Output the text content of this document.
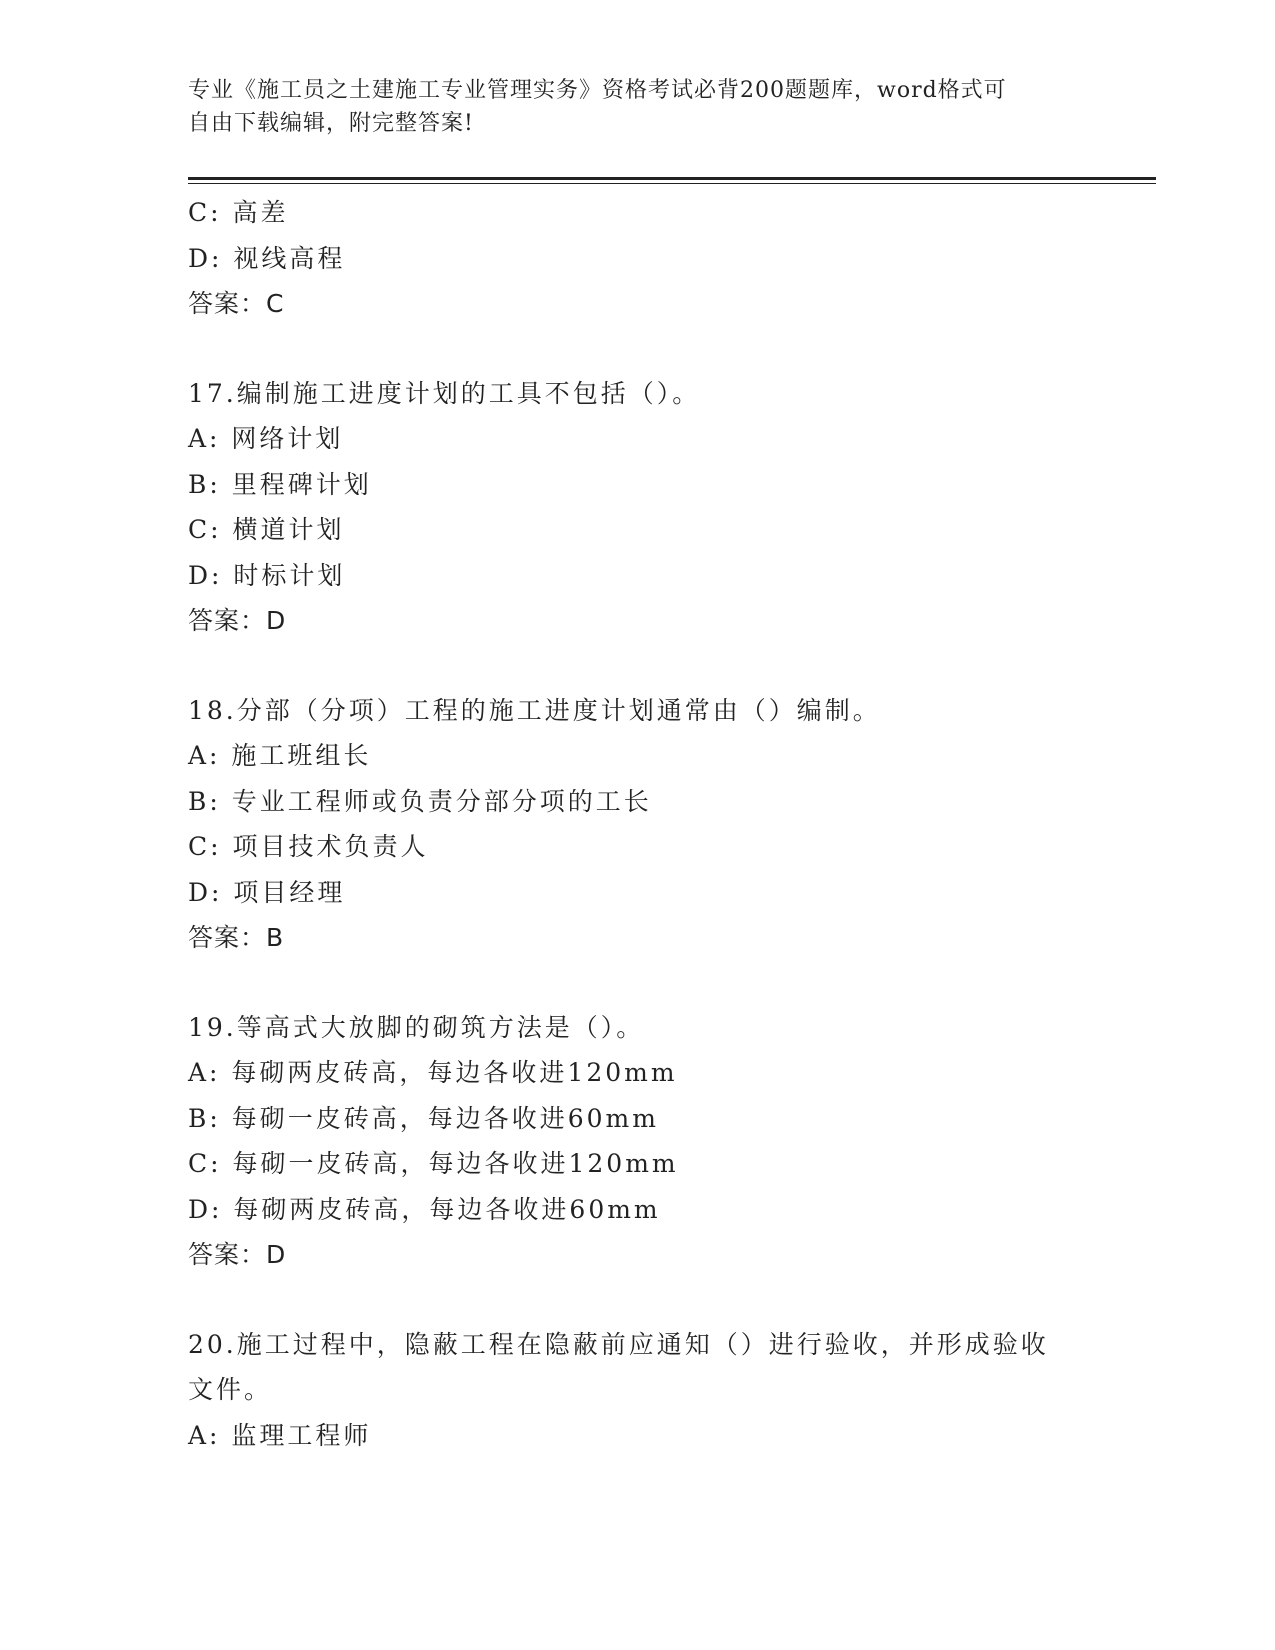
专业《施工员之土建施工专业管理实务》资格考试必背200题题库，word格式可
自由下载编辑，附完整答案!
C: 高差
D: 视线高程
答案：C
17.编制施工进度计划的工具不包括（）。
A: 网络计划
B: 里程碑计划
C: 横道计划
D: 时标计划
答案：D
18.分部（分项）工程的施工进度计划通常由（）编制。
A: 施工班组长
B: 专业工程师或负责分部分项的工长
C: 项目技术负责人
D: 项目经理
答案：B
19.等高式大放脚的砌筑方法是（）。
A: 每砌两皮砖高，每边各收进120mm
B: 每砌一皮砖高，每边各收进60mm
C: 每砌一皮砖高，每边各收进120mm
D: 每砌两皮砖高，每边各收进60mm
答案：D
20.施工过程中，隐蔽工程在隐蔽前应通知（）进行验收，并形成验收
文件。
A: 监理工程师
